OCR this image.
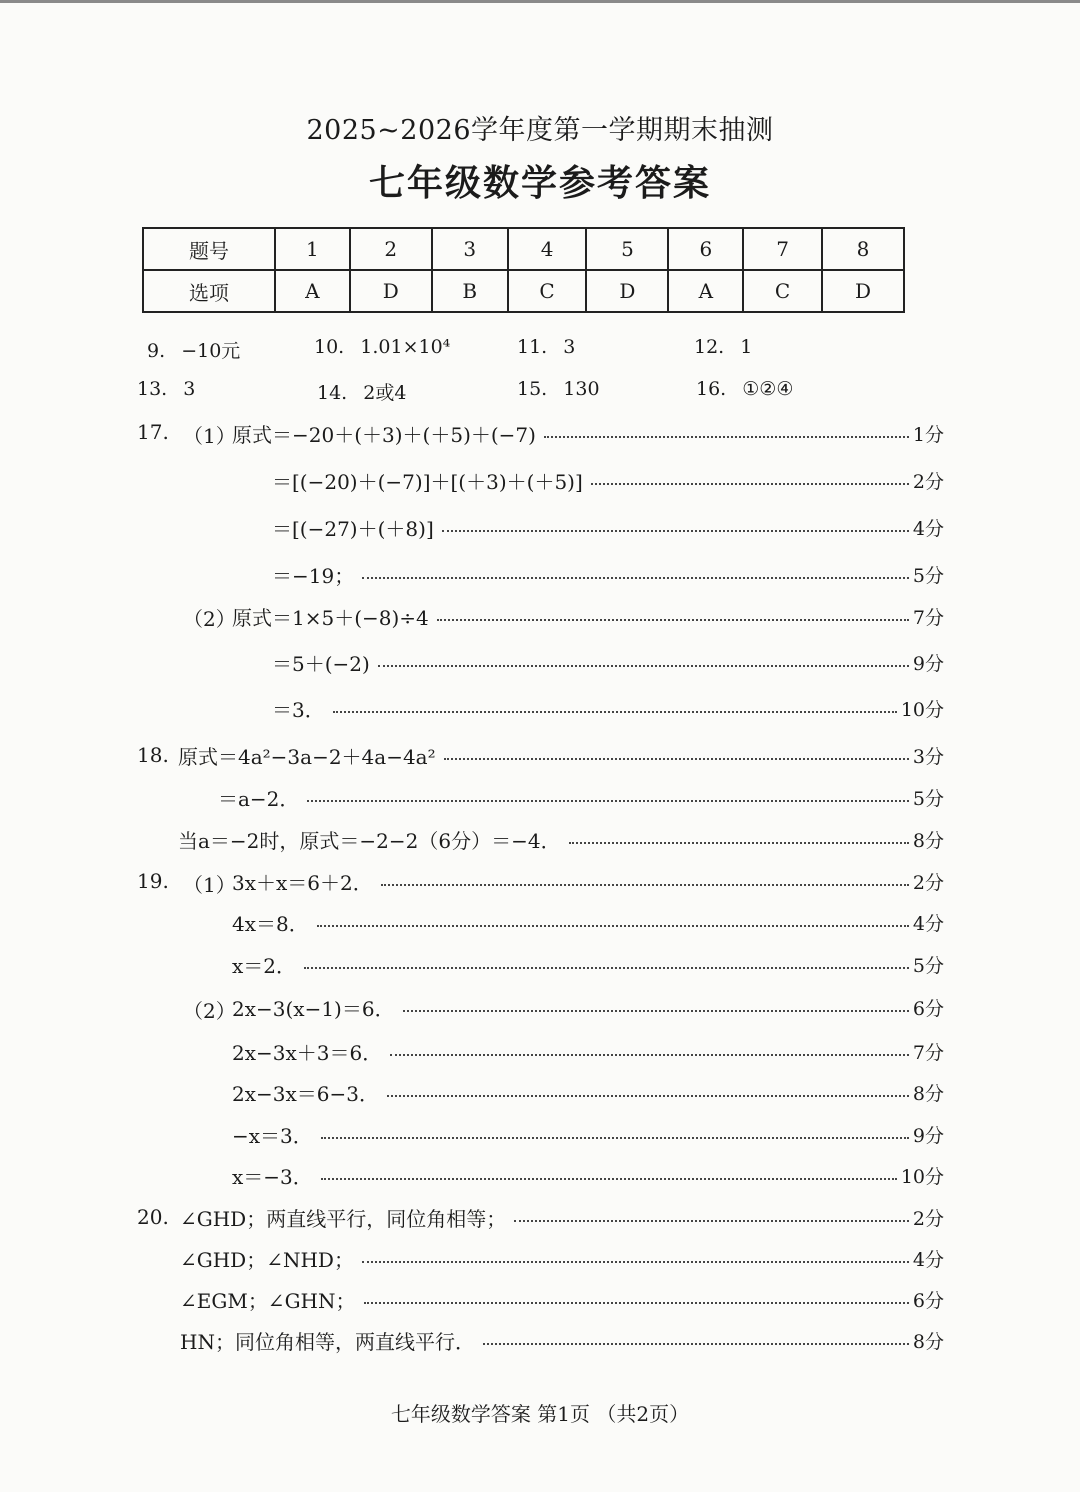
2025~2026学年度第一学期期末抽测
七年级数学参考答案
题号	1	2	3	4	5	6	7	8
选项	A	D	B	C	D	A	C	D
9. −10元	10. 1.01×10⁴	11. 3	12. 1
13. 3	14. 2或4	15. 130	16. ①②④
17. （1）
原式＝−20＋(＋3)＋(＋5)＋(−7)	1分
＝[(−20)＋(−7)]＋[(＋3)＋(＋5)]	2分
＝[(−27)＋(＋8)]	4分
＝−19；	5分
（2）
原式＝1×5＋(−8)÷4	7分
＝5＋(−2)	9分
＝3．	10分
18. 原式＝4a²−3a−2＋4a−4a²	3分
＝a−2．	5分
当a＝−2时，原式＝−2−2（6分）＝−4．	8分
19. （1）
3x＋x＝6＋2．	2分
4x＝8．	4分
x＝2．	5分
（2）
2x−3(x−1)＝6．	6分
2x−3x＋3＝6．	7分
2x−3x＝6−3．	8分
−x＝3．	9分
x＝−3．	10分
20. ∠GHD；两直线平行，同位角相等；	2分
∠GHD；∠NHD；	4分
∠EGM；∠GHN；	6分
HN；同位角相等，两直线平行．	8分
七年级数学答案 第1页 （共2页）
